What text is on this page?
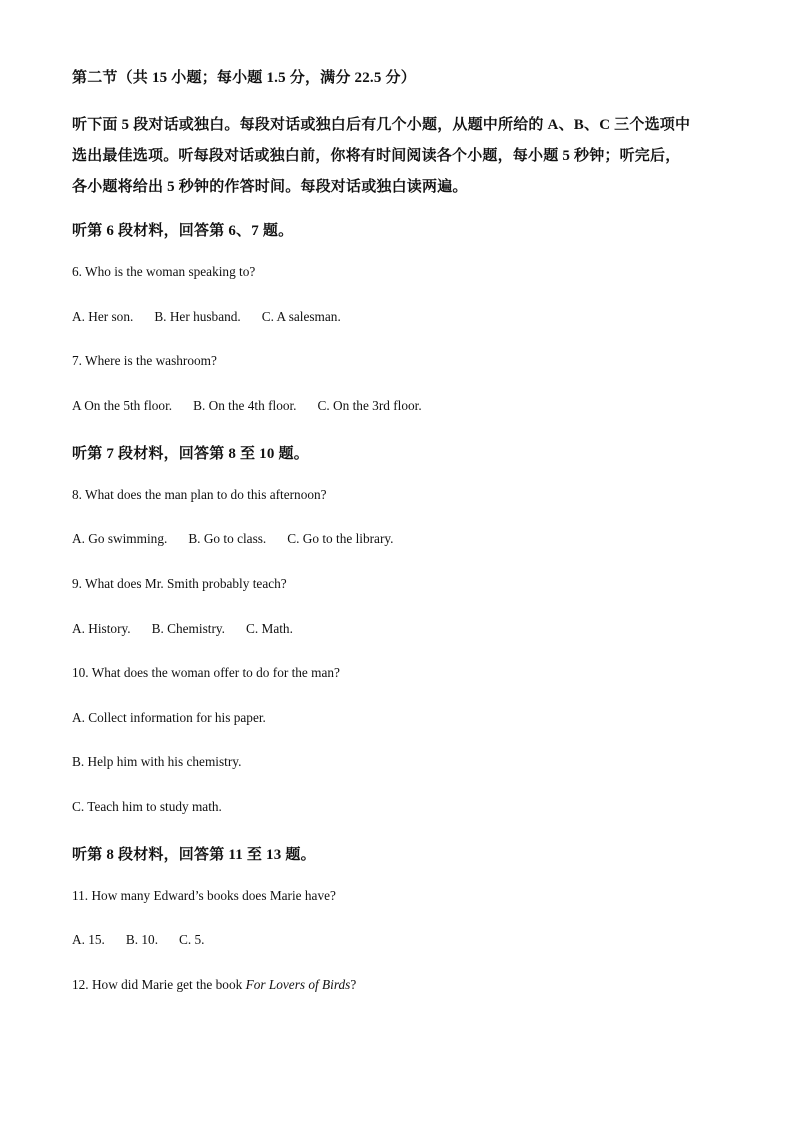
第二节（共 15 小题；每小题 1.5 分，满分 22.5 分）
听下面 5 段对话或独白。每段对话或独白后有几个小题，从题中所给的 A、B、C 三个选项中
选出最佳选项。听每段对话或独白前，你将有时间阅读各个小题，每小题 5 秒钟；听完后，
各小题将给出 5 秒钟的作答时间。每段对话或独白读两遍。
听第 6 段材料，回答第 6、7 题。
6. Who is the woman speaking to?
A. Her son. B. Her husband. C. A salesman.
7. Where is the washroom?
A On the 5th floor. B. On the 4th floor. C. On the 3rd floor.
听第 7 段材料，回答第 8 至 10 题。
8. What does the man plan to do this afternoon?
A. Go swimming. B. Go to class. C. Go to the library.
9. What does Mr. Smith probably teach?
A. History. B. Chemistry. C. Math.
10. What does the woman offer to do for the man?
A. Collect information for his paper.
B. Help him with his chemistry.
C. Teach him to study math.
听第 8 段材料，回答第 11 至 13 题。
11. How many Edward’s books does Marie have?
A. 15. B. 10. C. 5.
12. How did Marie get the book For Lovers of Birds?
